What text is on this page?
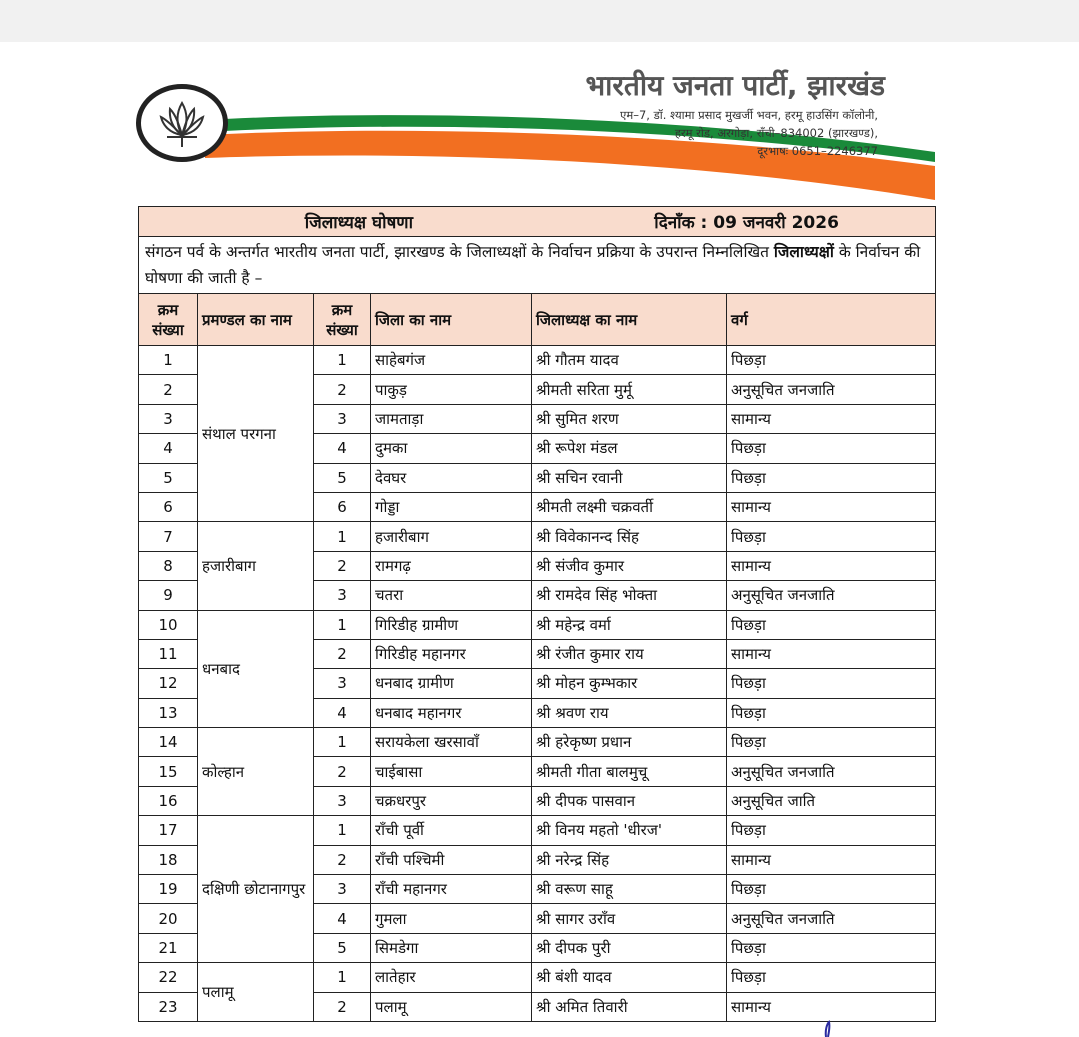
भारतीय जनता पार्टी, झारखंड
एम–7, डॉ. श्यामा प्रसाद मुखर्जी भवन, हरमू हाउसिंग कॉलोनी,
हरमू रोड, अरगोड़ा, राँची–834002 (झारखण्ड),
दूरभाषः 0651–2246377
जिलाध्यक्ष घोषणा दिनाँक : 09 जनवरी 2026					
संगठन पर्व के अन्तर्गत भारतीय जनता पार्टी, झारखण्ड के जिलाध्यक्षों के निर्वाचन प्रक्रिया के उपरान्त निम्नलिखित जिलाध्यक्षों के निर्वाचन की घोषणा की जाती है –					
क्रम संख्या	प्रमण्डल का नाम	क्रम संख्या	जिला का नाम	जिलाध्यक्ष का नाम	वर्ग
1	संथाल परगना	1	साहेबगंज	श्री गौतम यादव	पिछड़ा
2		2	पाकुड़	श्रीमती सरिता मुर्मू	अनुसूचित जनजाति
3		3	जामताड़ा	श्री सुमित शरण	सामान्य
4		4	दुमका	श्री रूपेश मंडल	पिछड़ा
5		5	देवघर	श्री सचिन रवानी	पिछड़ा
6		6	गोड्डा	श्रीमती लक्ष्मी चक्रवर्ती	सामान्य
7	हजारीबाग	1	हजारीबाग	श्री विवेकानन्द सिंह	पिछड़ा
8		2	रामगढ़	श्री संजीव कुमार	सामान्य
9		3	चतरा	श्री रामदेव सिंह भोक्ता	अनुसूचित जनजाति
10	धनबाद	1	गिरिडीह ग्रामीण	श्री महेन्द्र वर्मा	पिछड़ा
11		2	गिरिडीह महानगर	श्री रंजीत कुमार राय	सामान्य
12		3	धनबाद ग्रामीण	श्री मोहन कुम्भकार	पिछड़ा
13		4	धनबाद महानगर	श्री श्रवण राय	पिछड़ा
14	कोल्हान	1	सरायकेला खरसावाँ	श्री हरेकृष्ण प्रधान	पिछड़ा
15		2	चाईबासा	श्रीमती गीता बालमुचू	अनुसूचित जनजाति
16		3	चक्रधरपुर	श्री दीपक पासवान	अनुसूचित जाति
17	दक्षिणी छोटानागपुर	1	राँची पूर्वी	श्री विनय महतो 'धीरज'	पिछड़ा
18		2	राँची पश्चिमी	श्री नरेन्द्र सिंह	सामान्य
19		3	राँची महानगर	श्री वरूण साहू	पिछड़ा
20		4	गुमला	श्री सागर उराँव	अनुसूचित जनजाति
21		5	सिमडेगा	श्री दीपक पुरी	पिछड़ा
22	पलामू	1	लातेहार	श्री बंशी यादव	पिछड़ा
23		2	पलामू	श्री अमित तिवारी	सामान्य
